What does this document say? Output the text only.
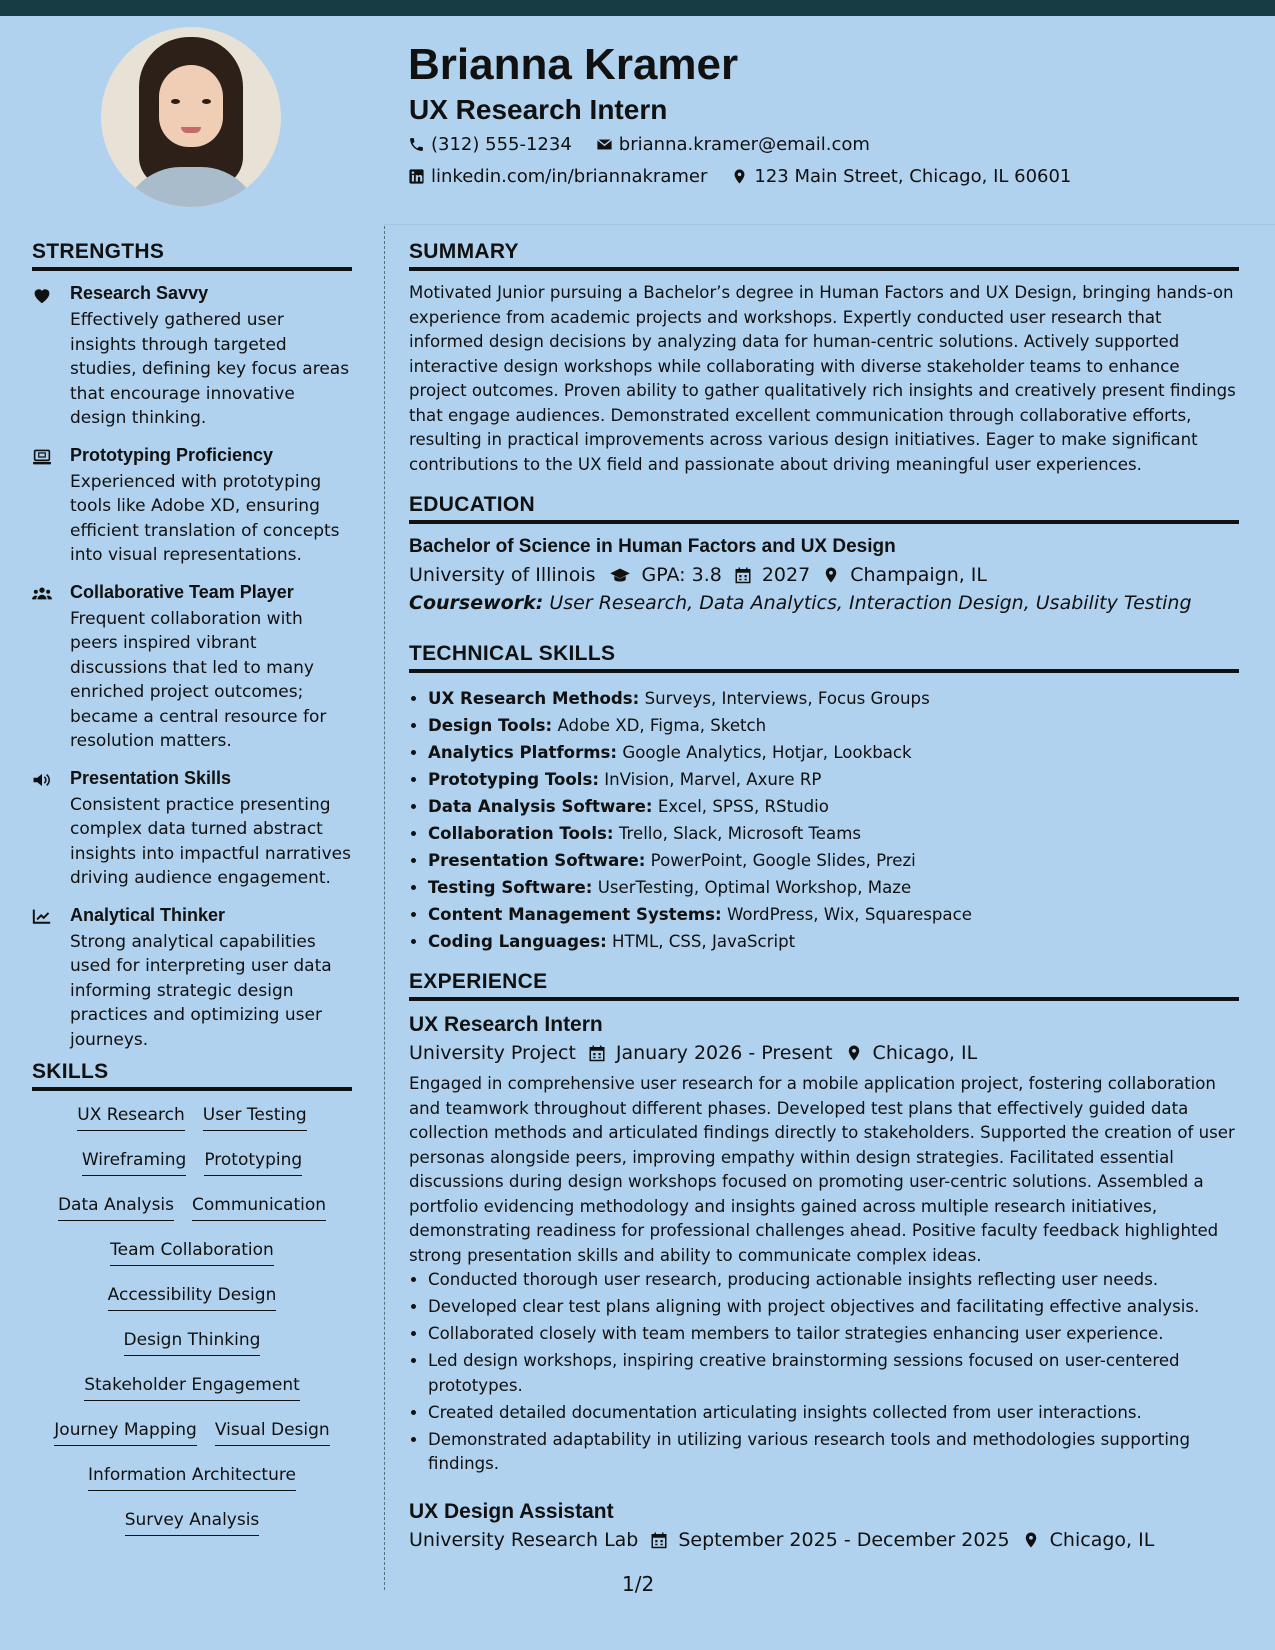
Brianna Kramer
UX Research Intern
(312) 555-1234	brianna.kramer@email.com
linkedin.com/in/briannakramer	123 Main Street, Chicago, IL 60601
STRENGTHS

Research Savvy

Effectively gathered user insights through targeted studies, defining key focus areas that encourage innovative design thinking.

Prototyping Proficiency

Experienced with prototyping tools like Adobe XD, ensuring efficient translation of concepts into visual representations.

Collaborative Team Player

Frequent collaboration with peers inspired vibrant discussions that led to many enriched project outcomes; became a central resource for resolution matters.

Presentation Skills

Consistent practice presenting complex data turned abstract insights into impactful narratives driving audience engagement.

Analytical Thinker

Strong analytical capabilities used for interpreting user data informing strategic design practices and optimizing user journeys.

SKILLS
UX Research User Testing
Wireframing Prototyping
Data Analysis Communication
Team Collaboration
Accessibility Design
Design Thinking
Stakeholder Engagement
Journey Mapping Visual Design
Information Architecture
Survey Analysis
SUMMARY

Motivated Junior pursuing a Bachelor’s degree in Human Factors and UX Design, bringing hands-on experience from academic projects and workshops. Expertly conducted user research that informed design decisions by analyzing data for human-centric solutions. Actively supported interactive design workshops while collaborating with diverse stakeholder teams to enhance project outcomes. Proven ability to gather qualitatively rich insights and creatively present findings that engage audiences. Demonstrated excellent communication through collaborative efforts, resulting in practical improvements across various design initiatives. Eager to make significant contributions to the UX field and passionate about driving meaningful user experiences.

EDUCATION

Bachelor of Science in Human Factors and UX Design

University of Illinois GPA: 3.8 2027 Champaign, IL
Coursework: User Research, Data Analytics, Interaction Design, Usability Testing
TECHNICAL SKILLS
• UX Research Methods: Surveys, Interviews, Focus Groups
• Design Tools: Adobe XD, Figma, Sketch
• Analytics Platforms: Google Analytics, Hotjar, Lookback
• Prototyping Tools: InVision, Marvel, Axure RP
• Data Analysis Software: Excel, SPSS, RStudio
• Collaboration Tools: Trello, Slack, Microsoft Teams
• Presentation Software: PowerPoint, Google Slides, Prezi
• Testing Software: UserTesting, Optimal Workshop, Maze
• Content Management Systems: WordPress, Wix, Squarespace
• Coding Languages: HTML, CSS, JavaScript
EXPERIENCE

UX Research Intern

University Project January 2026 - Present Chicago, IL

Engaged in comprehensive user research for a mobile application project, fostering collaboration and teamwork throughout different phases. Developed test plans that effectively guided data collection methods and articulated findings directly to stakeholders. Supported the creation of user personas alongside peers, improving empathy within design strategies. Facilitated essential discussions during design workshops focused on promoting user-centric solutions. Assembled a portfolio evidencing methodology and insights gained across multiple research initiatives, demonstrating readiness for professional challenges ahead. Positive faculty feedback highlighted strong presentation skills and ability to communicate complex ideas.

• Conducted thorough user research, producing actionable insights reflecting user needs.
• Developed clear test plans aligning with project objectives and facilitating effective analysis.
• Collaborated closely with team members to tailor strategies enhancing user experience.
• Led design workshops, inspiring creative brainstorming sessions focused on user-centered prototypes.
• Created detailed documentation articulating insights collected from user interactions.
• Demonstrated adaptability in utilizing various research tools and methodologies supporting findings.

UX Design Assistant

University Research Lab September 2025 - December 2025 Chicago, IL
1/2
